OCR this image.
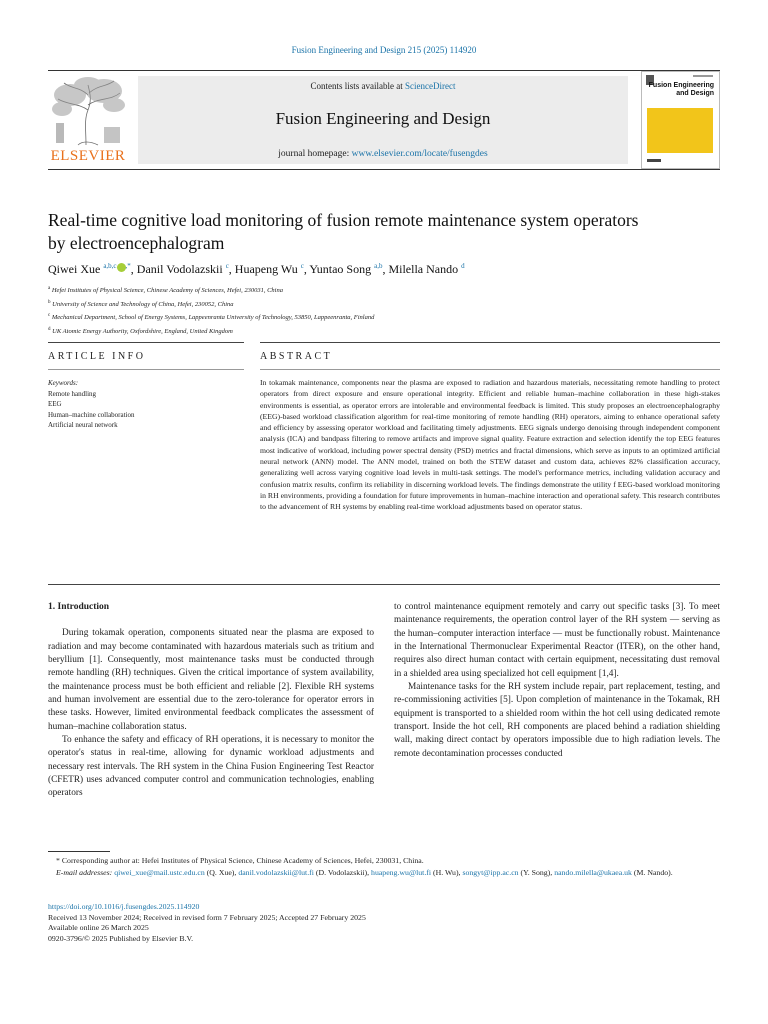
Fusion Engineering and Design 215 (2025) 114920
ELSEVIER
Contents lists available at ScienceDirect
Fusion Engineering and Design
journal homepage: www.elsevier.com/locate/fusengdes
Fusion Engineering
and Design
Real-time cognitive load monitoring of fusion remote maintenance system operators by electroencephalogram
Qiwei Xue $^{a,b,c}$ ,*, Danil Vodolazskii $^c$, Huapeng Wu $^c$, Yuntao Song $^{a,b}$, Milella Nando $^d$
$^a$ Hefei Institutes of Physical Science, Chinese Academy of Sciences, Hefei, 230031, China
$^b$ University of Science and Technology of China, Hefei, 230052, China
$^c$ Mechanical Department, School of Energy Systems, Lappeenranta University of Technology, 53850, Lappeenranta, Finland
$^d$ UK Atomic Energy Authority, Oxfordshire, England, United Kingdom
ARTICLE INFO	ABSTRACT
Keywords:
Remote handling
EEG
Human–machine collaboration
Artificial neural network
In tokamak maintenance, components near the plasma are exposed to radiation and hazardous materials, necessitating remote handling to protect operators from direct exposure and ensure operational integrity. Efficient and reliable human–machine collaboration in these high-stakes environments is essential, as operator errors are intolerable and environmental feedback is limited. This study proposes an electroencephalography (EEG)-based workload classification algorithm for real-time monitoring of remote handling (RH) operators, aiming to enhance operational safety and efficiency by assessing operator workload and facilitating timely adjustments. EEG signals undergo denoising through independent component analysis (ICA) and bandpass filtering to remove artifacts and improve signal quality. Feature extraction and selection identify the top EEG features most indicative of workload, including power spectral density (PSD) metrics and fractal dimensions, which serve as inputs to an optimized artificial neural network (ANN) model. The ANN model, trained on both the STEW dataset and custom data, achieves 82% classification accuracy, generalizing well across varying cognitive load levels in multi-task settings. The model's performance metrics, including validation accuracy and confusion matrix results, confirm its reliability in discerning workload levels. The findings demonstrate the utility f EEG-based workload monitoring in RH environments, providing a foundation for future improvements in human–machine interaction and operational safety. This research contributes to the advancement of RH systems by enabling real-time workload adjustments based on operator status.

1. Introduction

During tokamak operation, components situated near the plasma are exposed to radiation and may become contaminated with hazardous materials such as tritium and beryllium [1]. Consequently, most maintenance tasks must be conducted through remote handling (RH) techniques. Given the critical importance of system availability, the maintenance process must be both efficient and reliable [2]. Flexible RH systems and human involvement are essential due to the zero-tolerance for operator errors in these tasks. However, limited environmental feedback complicates the assessment of human–machine collaboration status.

To enhance the safety and efficacy of RH operations, it is necessary to monitor the operator's status in real-time, allowing for dynamic workload adjustments and necessary rest intervals. The RH system in the China Fusion Engineering Test Reactor (CFETR) uses advanced computer control and communication technologies, enabling operators

to control maintenance equipment remotely and carry out specific tasks [3]. To meet maintenance requirements, the operation control layer of the RH system — serving as the human–computer interaction interface — must be functionally robust. Maintenance in the International Thermonuclear Experimental Reactor (ITER), on the other hand, requires also direct human contact with certain equipment, necessitating dust removal in a shielded area using specialized hot cell equipment [1,4].

Maintenance tasks for the RH system include repair, part replacement, testing, and re-commissioning activities [5]. Upon completion of maintenance in the Tokamak, RH equipment is transported to a shielded room within the hot cell using dedicated remote transport. Inside the hot cell, RH components are placed behind a radiation shielding wall, making direct contact by operators impossible due to high radiation levels. The remote decontamination processes conducted

* Corresponding author at: Hefei Institutes of Physical Science, Chinese Academy of Sciences, Hefei, 230031, China.
E-mail addresses: qiwei_xue@mail.ustc.edu.cn (Q. Xue), danil.vodolazskii@lut.fi (D. Vodolazskii), huapeng.wu@lut.fi (H. Wu), songyt@ipp.ac.cn (Y. Song), nando.milella@ukaea.uk (M. Nando).
https://doi.org/10.1016/j.fusengdes.2025.114920
Received 13 November 2024; Received in revised form 7 February 2025; Accepted 27 February 2025
Available online 26 March 2025
0920-3796/© 2025 Published by Elsevier B.V.
